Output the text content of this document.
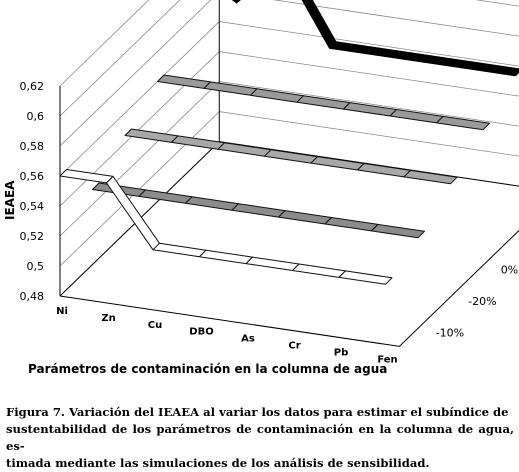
0,48
0,5
0,52
0,54
0,56
0,58
0,6
0,62
Ni
Zn
Cu
DBO
As
Cr
Pb
Fen
-10%
-20%
0%
IEAEA
Parámetros de contaminación en la columna de agua

Figura 7. Variación del IEAEA al variar los datos para estimar el subíndice de
sustentabilidad de los parámetros de contaminación en la columna de agua, es-
timada mediante las simulaciones de los análisis de sensibilidad.
